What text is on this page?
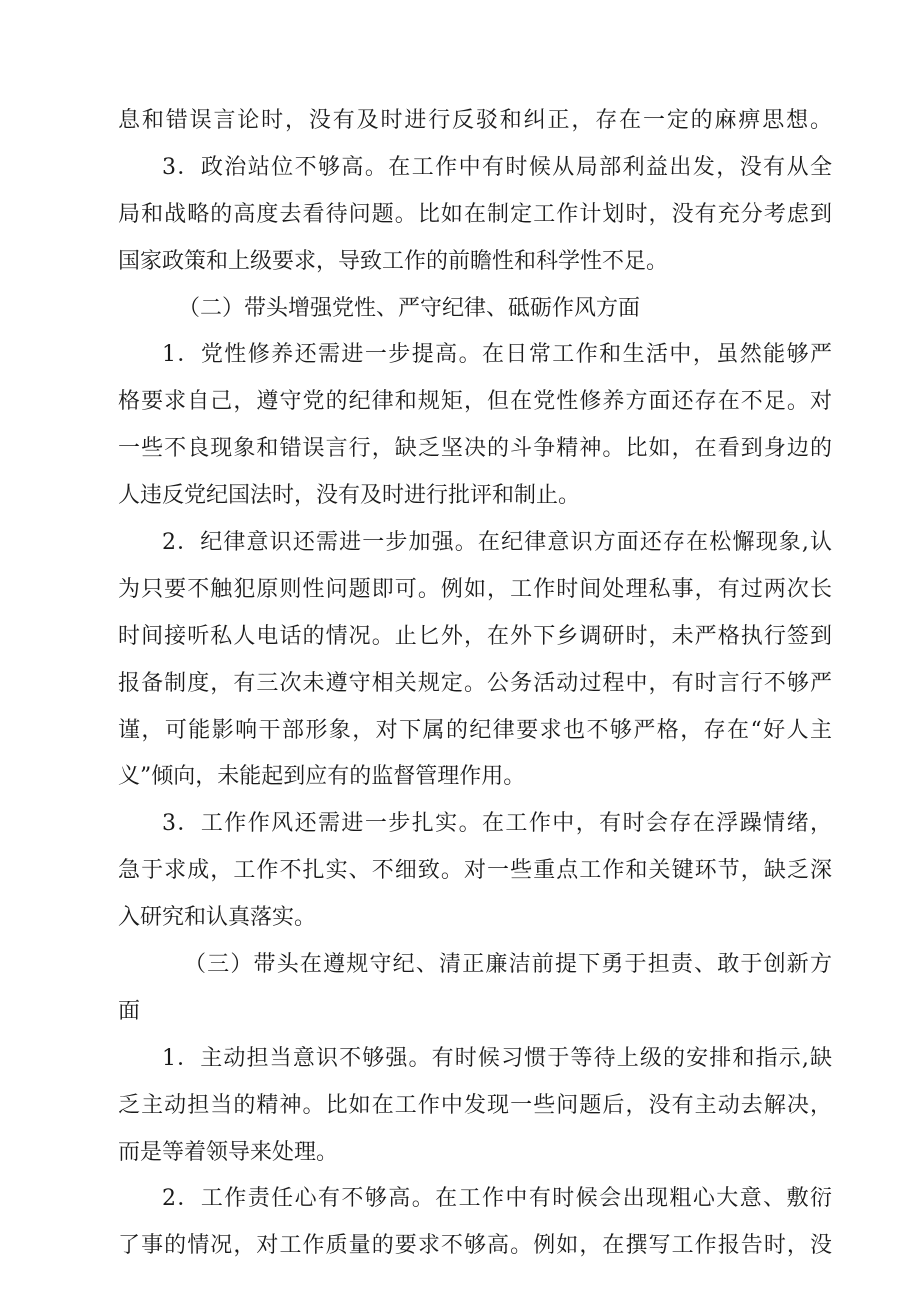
息和错误言论时，没有及时进行反驳和纠正，存在一定的麻痹思想。
3．政治站位不够高。在工作中有时候从局部利益出发，没有从全
局和战略的高度去看待问题。比如在制定工作计划时，没有充分考虑到
国家政策和上级要求，导致工作的前瞻性和科学性不足。
（二）带头增强党性、严守纪律、砥砺作风方面
1．党性修养还需进一步提高。在日常工作和生活中，虽然能够严
格要求自己，遵守党的纪律和规矩，但在党性修养方面还存在不足。对
一些不良现象和错误言行，缺乏坚决的斗争精神。比如，在看到身边的
人违反党纪国法时，没有及时进行批评和制止。
2．纪律意识还需进一步加强。在纪律意识方面还存在松懈现象,认
为只要不触犯原则性问题即可。例如，工作时间处理私事，有过两次长
时间接听私人电话的情况。止匕外，在外下乡调研时，未严格执行签到
报备制度，有三次未遵守相关规定。公务活动过程中，有时言行不够严
谨，可能影响干部形象，对下属的纪律要求也不够严格，存在“好人主
义”倾向，未能起到应有的监督管理作用。
3．工作作风还需进一步扎实。在工作中，有时会存在浮躁情绪，
急于求成，工作不扎实、不细致。对一些重点工作和关键环节，缺乏深
入研究和认真落实。
（三）带头在遵规守纪、清正廉洁前提下勇于担责、敢于创新方
面
1．主动担当意识不够强。有时候习惯于等待上级的安排和指示,缺
乏主动担当的精神。比如在工作中发现一些问题后，没有主动去解决，
而是等着领导来处理。
2．工作责任心有不够高。在工作中有时候会出现粗心大意、敷衍
了事的情况，对工作质量的要求不够高。例如，在撰写工作报告时，没
